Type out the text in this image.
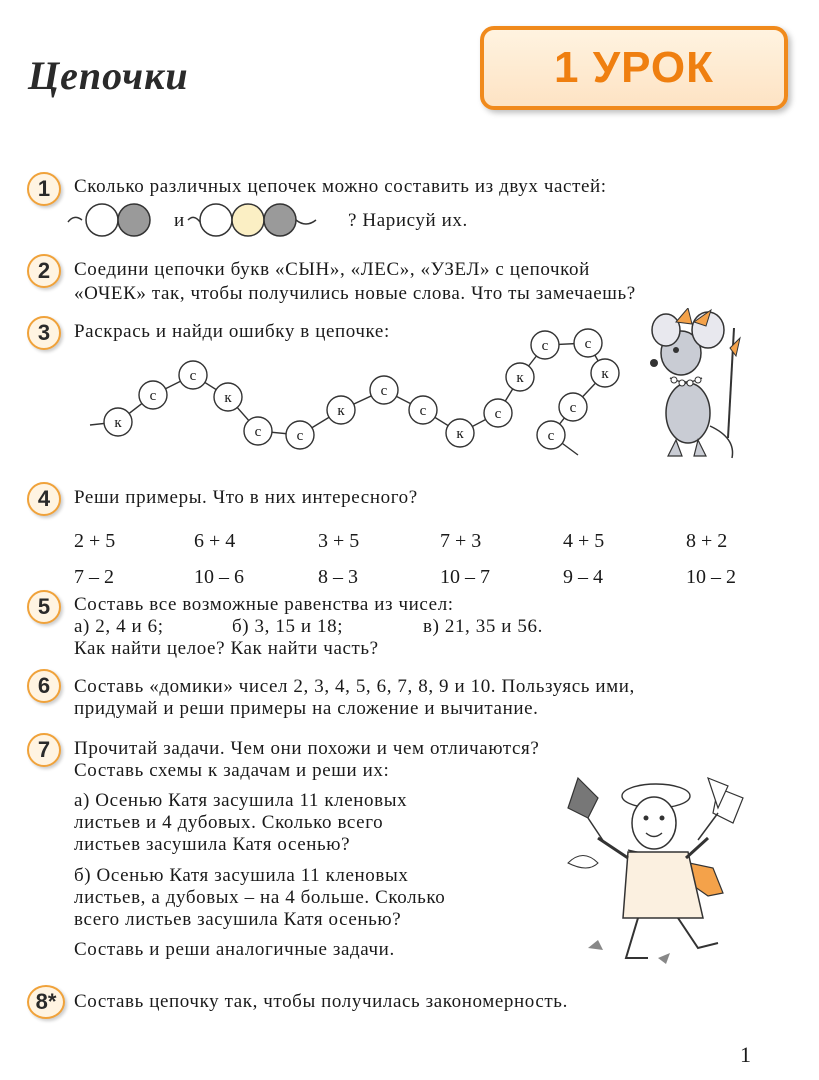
Цепочки	1
УРОК
1	Сколько различных цепочек можно составить из двух частей:
и	? Нарисуй их.
2	Соедини цепочки букв «СЫН», «ЛЕС», «УЗЕЛ» с цепочкой
«ОЧЕК» так, чтобы получились новые слова. Что ты замечаешь?
3	Раскрась и найди ошибку в цепочке:
к
с
с
к
с с
к
с
с
к
с
к
с с
к
с
с
4	Реши примеры. Что в них интересного?
2 + 5	6 + 4	3 + 5	7 + 3	4 + 5	8 + 2
7 – 2	10 – 6	8 – 3	10 – 7	9 – 4	10 – 2
5	Составь все возможные равенства из чисел:
а) 2, 4 и 6;	б) 3, 15 и 18;	в) 21, 35 и 56.
Как найти целое? Как найти часть?
6	Составь «домики» чисел 2, 3, 4, 5, 6, 7, 8, 9 и 10. Пользуясь ими,
придумай и реши примеры на сложение и вычитание.
7	Прочитай задачи. Чем они похожи и чем отличаются?
Составь схемы к задачам и реши их:
а) Осенью Катя засушила 11 кленовых
листьев и 4 дубовых. Сколько всего
листьев засушила Катя осенью?
б) Осенью Катя засушила 11 кленовых
листьев, а дубовых – на 4 больше. Сколько
всего листьев засушила Катя осенью?
Составь и реши аналогичные задачи.
8* Составь цепочку так, чтобы получилась закономерность.
1
